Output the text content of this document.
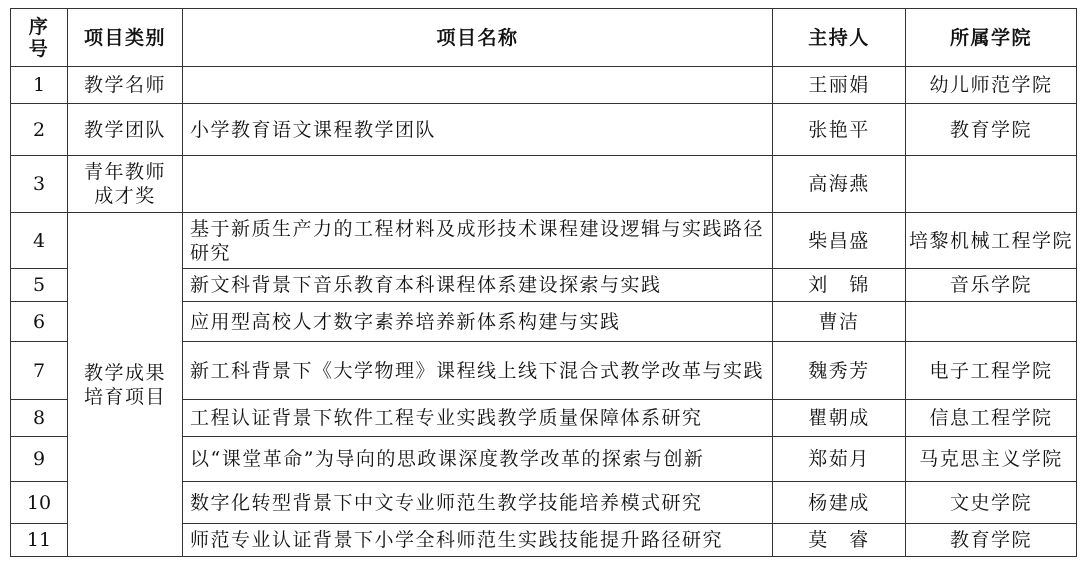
序
号	项目类别	项目名称	主持人	所属学院
1	教学名师		王丽娟	幼儿师范学院
2	教学团队	小学教育语文课程教学团队	张艳平	教育学院
3	青年教师
成才奖		高海燕	
4	教学成果
培育项目	基于新质生产力的工程材料及成形技术课程建设逻辑与实践路径研究	柴昌盛	培黎机械工程学院
5		新文科背景下音乐教育本科课程体系建设探索与实践	刘　锦	音乐学院
6		应用型高校人才数字素养培养新体系构建与实践	曹洁	
7		新工科背景下《大学物理》课程线上线下混合式教学改革与实践	魏秀芳	电子工程学院
8		工程认证背景下软件工程专业实践教学质量保障体系研究	瞿朝成	信息工程学院
9		以“课堂革命”为导向的思政课深度教学改革的探索与创新	郑茹月	马克思主义学院
10		数字化转型背景下中文专业师范生教学技能培养模式研究	杨建成	文史学院
11		师范专业认证背景下小学全科师范生实践技能提升路径研究	莫　睿	教育学院
